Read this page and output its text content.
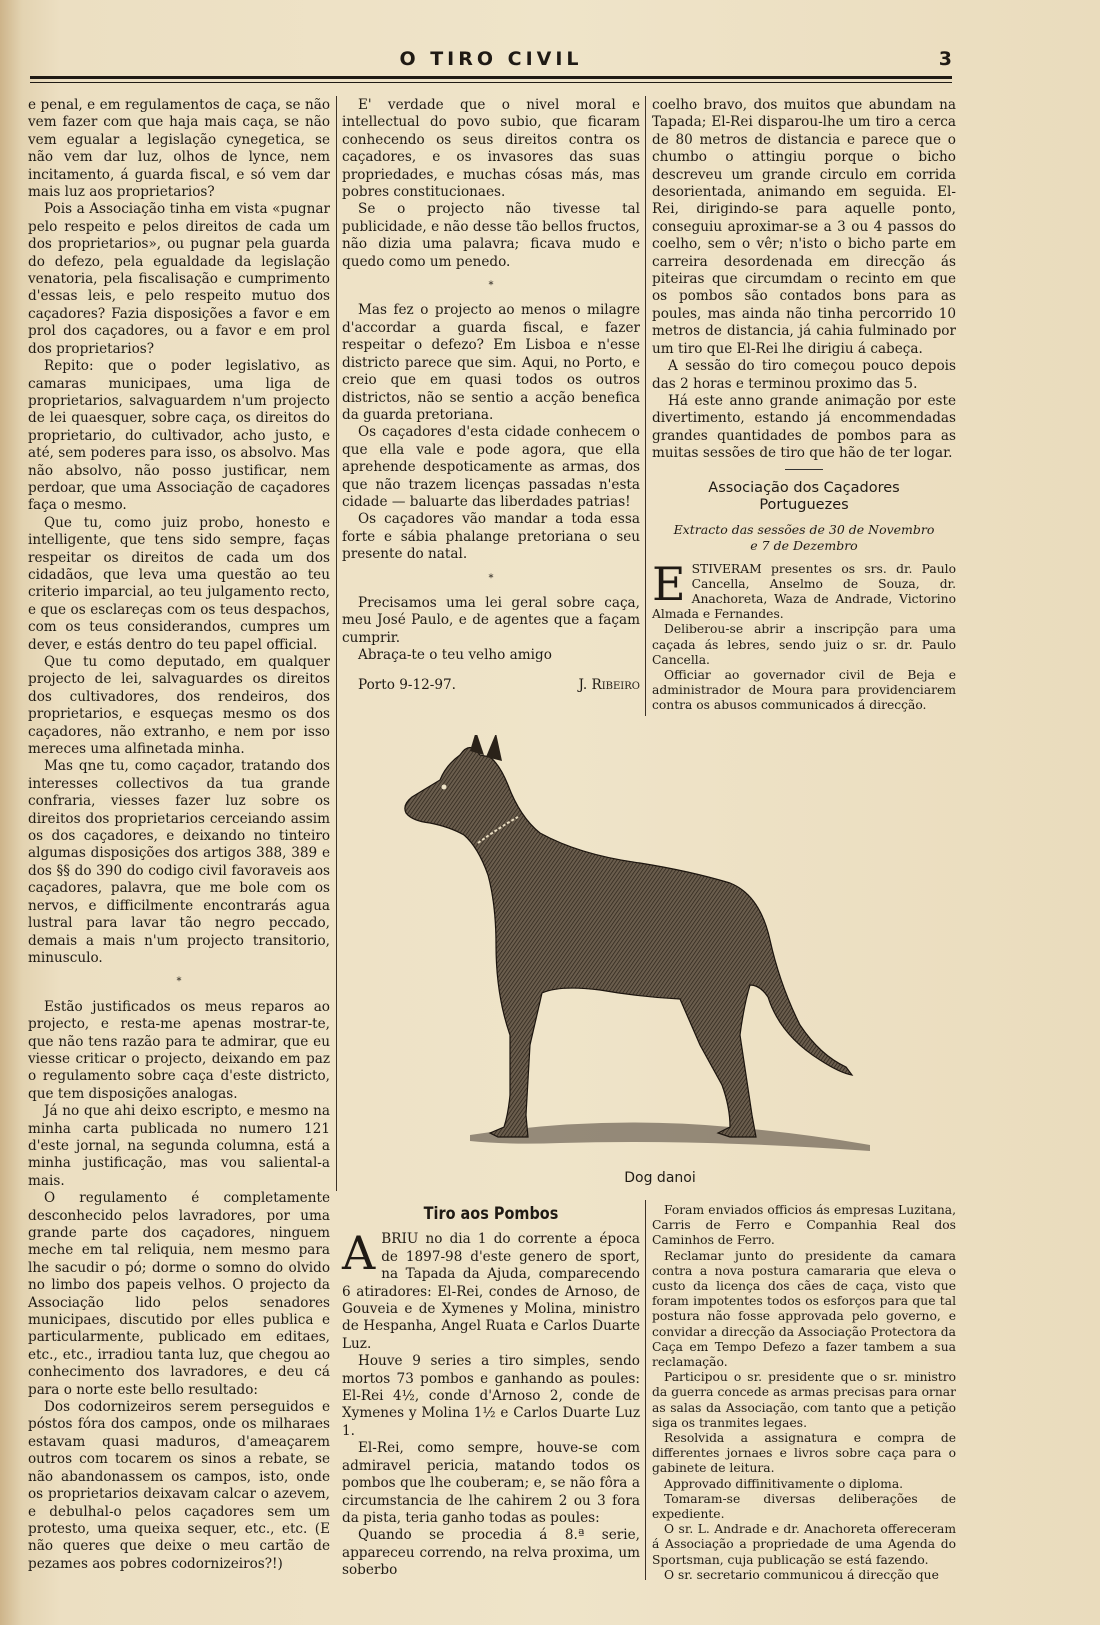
O TIRO CIVIL	3

e penal, e em regulamentos de caça, se não vem fazer com que haja mais caça, se não vem egualar a legislação cynegetica, se não vem dar luz, olhos de lynce, nem incitamento, á guarda fiscal, e só vem dar mais luz aos proprietarios?

Pois a Associação tinha em vista «pugnar pelo respeito e pelos direitos de cada um dos proprietarios», ou pugnar pela guarda do defezo, pela egualdade da legislação venatoria, pela fiscalisação e cumprimento d'essas leis, e pelo respeito mutuo dos caçadores? Fazia disposições a favor e em prol dos caçadores, ou a favor e em prol dos proprietarios?

Repito: que o poder legislativo, as camaras municipaes, uma liga de proprietarios, salvaguardem n'um projecto de lei quaesquer, sobre caça, os direitos do proprietario, do cultivador, acho justo, e até, sem poderes para isso, os absolvo. Mas não absolvo, não posso justificar, nem perdoar, que uma Associação de caçadores faça o mesmo.

Que tu, como juiz probo, honesto e intelligente, que tens sido sempre, faças respeitar os direitos de cada um dos cidadãos, que leva uma questão ao teu criterio imparcial, ao teu julgamento recto, e que os esclareças com os teus despachos, com os teus considerandos, cumpres um dever, e estás dentro do teu papel official.

Que tu como deputado, em qualquer projecto de lei, salvaguardes os direitos dos cultivadores, dos rendeiros, dos proprietarios, e esqueças mesmo os dos caçadores, não extranho, e nem por isso mereces uma alfinetada minha.

Mas qne tu, como caçador, tratando dos interesses collectivos da tua grande confraria, viesses fazer luz sobre os direitos dos proprietarios cerceiando assim os dos caçadores, e deixando no tinteiro algumas disposições dos artigos 388, 389 e dos §§ do 390 do codigo civil favoraveis aos caçadores, palavra, que me bole com os nervos, e difficilmente encontrarás agua lustral para lavar tão negro peccado, demais a mais n'um projecto transitorio, minusculo.

*

Estão justificados os meus reparos ao projecto, e resta-me apenas mostrar-te, que não tens razão para te admirar, que eu viesse criticar o projecto, deixando em paz o regulamento sobre caça d'este districto, que tem disposições analogas.

Já no que ahi deixo escripto, e mesmo na minha carta publicada no numero 121 d'este jornal, na segunda columna, está a minha justificação, mas vou saliental-a mais.

O regulamento é completamente desconhecido pelos lavradores, por uma grande parte dos caçadores, ninguem meche em tal reliquia, nem mesmo para lhe sacudir o pó; dorme o somno do olvido no limbo dos papeis velhos. O projecto da Associação lido pelos senadores municipaes, discutido por elles publica e particularmente, publicado em editaes, etc., etc., irradiou tanta luz, que chegou ao conhecimento dos lavradores, e deu cá para o norte este bello resultado:

Dos codornizeiros serem perseguidos e póstos fóra dos campos, onde os milharaes estavam quasi maduros, d'ameaçarem outros com tocarem os sinos a rebate, se não abandonassem os campos, isto, onde os proprietarios deixavam calcar o azevem, e debulhal-o pelos caçadores sem um protesto, uma queixa sequer, etc., etc. (E não queres que deixe o meu cartão de pezames aos pobres codornizeiros?!)

E' verdade que o nivel moral e intellectual do povo subio, que ficaram conhecendo os seus direitos contra os caçadores, e os invasores das suas propriedades, e muchas cósas más, mas pobres constitucionaes.

Se o projecto não tivesse tal publicidade, e não desse tão bellos fructos, não dizia uma palavra; ficava mudo e quedo como um penedo.

*

Mas fez o projecto ao menos o milagre d'accordar a guarda fiscal, e fazer respeitar o defezo? Em Lisboa e n'esse districto parece que sim. Aqui, no Porto, e creio que em quasi todos os outros districtos, não se sentio a acção benefica da guarda pretoriana.

Os caçadores d'esta cidade conhecem o que ella vale e pode agora, que ella aprehende despoticamente as armas, dos que não trazem licenças passadas n'esta cidade — baluarte das liberdades patrias!

Os caçadores vão mandar a toda essa forte e sábia phalange pretoriana o seu presente do natal.

*

Precisamos uma lei geral sobre caça, meu José Paulo, e de agentes que a façam cumprir.

Abraça-te o teu velho amigo

Porto 9-12-97.	J. Ribeiro

coelho bravo, dos muitos que abundam na Tapada; El-Rei disparou-lhe um tiro a cerca de 80 metros de distancia e parece que o chumbo o attingiu porque o bicho descreveu um grande circulo em corrida desorientada, animando em seguida. El-Rei, dirigindo-se para aquelle ponto, conseguiu aproximar-se a 3 ou 4 passos do coelho, sem o vêr; n'isto o bicho parte em carreira desordenada em direcção ás piteiras que circumdam o recinto em que os pombos são contados bons para as poules, mas ainda não tinha percorrido 10 metros de distancia, já cahia fulminado por um tiro que El-Rei lhe dirigiu á cabeça.

A sessão do tiro começou pouco depois das 2 horas e terminou proximo das 5.

Há este anno grande animação por este divertimento, estando já encommendadas grandes quantidades de pombos para as muitas sessões de tiro que hão de ter logar.

Associação dos Caçadores
Portuguezes
Extracto das sessões de 30 de Novembro
e 7 de Dezembro
E STIVERAM presentes os srs. dr. Paulo Cancella, Anselmo de Souza, dr. Anachoreta, Waza de Andrade, Victorino Almada e Fernandes.

Deliberou-se abrir a inscripção para uma caçada ás lebres, sendo juiz o sr. dr. Paulo Cancella.

Officiar ao governador civil de Beja e administrador de Moura para providenciarem contra os abusos communicados á direcção.

Dog danoi
Tiro aos Pombos
A BRIU no dia 1 do corrente a época de 1897-98 d'este genero de sport, na Tapada da Ajuda, comparecendo 6 atiradores: El-Rei, condes de Arnoso, de Gouveia e de Xymenes y Molina, ministro de Hespanha, Angel Ruata e Carlos Duarte Luz.

Houve 9 series a tiro simples, sendo mortos 73 pombos e ganhando as poules: El-Rei 4½, conde d'Arnoso 2, conde de Xymenes y Molina 1½ e Carlos Duarte Luz 1.

El-Rei, como sempre, houve-se com admiravel pericia, matando todos os pombos que lhe couberam; e, se não fôra a circumstancia de lhe cahirem 2 ou 3 fora da pista, teria ganho todas as poules:

Quando se procedia á 8.ª serie, appareceu correndo, na relva proxima, um soberbo

Foram enviados officios ás empresas Luzitana, Carris de Ferro e Companhia Real dos Caminhos de Ferro.

Reclamar junto do presidente da camara contra a nova postura camararia que eleva o custo da licença dos cães de caça, visto que foram impotentes todos os esforços para que tal postura não fosse approvada pelo governo, e convidar a direcção da Associação Protectora da Caça em Tempo Defezo a fazer tambem a sua reclamação.

Participou o sr. presidente que o sr. ministro da guerra concede as armas precisas para ornar as salas da Associação, com tanto que a petição siga os tranmites legaes.

Resolvida a assignatura e compra de differentes jornaes e livros sobre caça para o gabinete de leitura.

Approvado diffinitivamente o diploma.

Tomaram-se diversas deliberações de expediente.

O sr. L. Andrade e dr. Anachoreta offereceram á Associação a propriedade de uma Agenda do Sportsman, cuja publicação se está fazendo.

O sr. secretario communicou á direcção que
